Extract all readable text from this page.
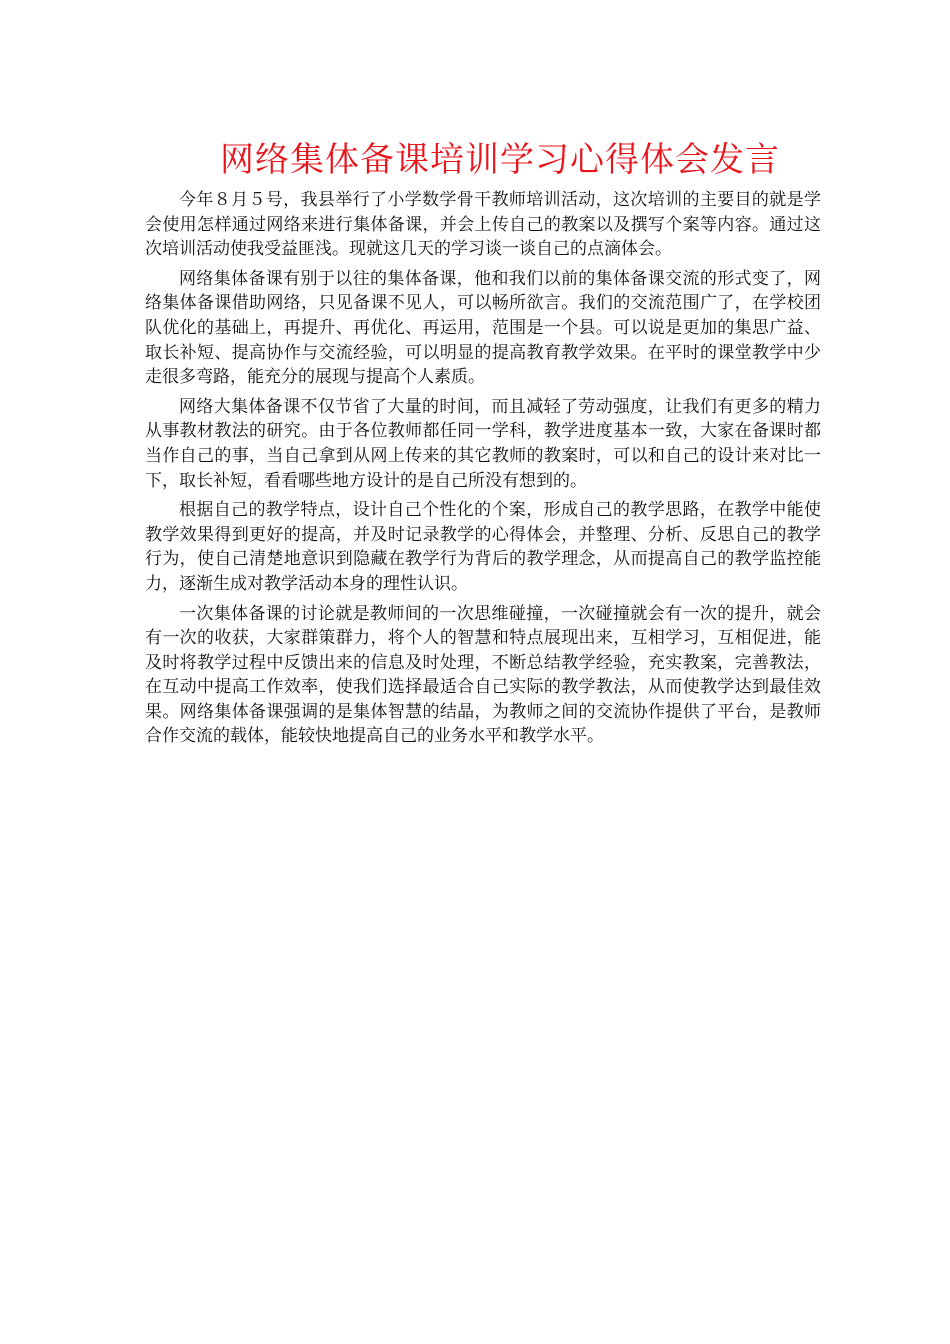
网络集体备课培训学习心得体会发言

今年８月５号，我县举行了小学数学骨干教师培训活动，这次培训的主要目的就是学会使用怎样通过网络来进行集体备课，并会上传自己的教案以及撰写个案等内容。通过这次培训活动使我受益匪浅。现就这几天的学习谈一谈自己的点滴体会。

网络集体备课有别于以往的集体备课，他和我们以前的集体备课交流的形式变了，网络集体备课借助网络，只见备课不见人，可以畅所欲言。我们的交流范围广了，在学校团队优化的基础上，再提升、再优化、再运用，范围是一个县。可以说是更加的集思广益、取长补短、提高协作与交流经验，可以明显的提高教育教学效果。在平时的课堂教学中少走很多弯路，能充分的展现与提高个人素质。

网络大集体备课不仅节省了大量的时间，而且减轻了劳动强度，让我们有更多的精力从事教材教法的研究。由于各位教师都任同一学科，教学进度基本一致，大家在备课时都当作自己的事，当自己拿到从网上传来的其它教师的教案时，可以和自己的设计来对比一下，取长补短，看看哪些地方设计的是自己所没有想到的。

根据自己的教学特点，设计自己个性化的个案，形成自己的教学思路，在教学中能使教学效果得到更好的提高，并及时记录教学的心得体会，并整理、分析、反思自己的教学行为，使自己清楚地意识到隐藏在教学行为背后的教学理念，从而提高自己的教学监控能力，逐渐生成对教学活动本身的理性认识。

一次集体备课的讨论就是教师间的一次思维碰撞，一次碰撞就会有一次的提升，就会有一次的收获，大家群策群力，将个人的智慧和特点展现出来，互相学习，互相促进，能及时将教学过程中反馈出来的信息及时处理，不断总结教学经验，充实教案，完善教法，在互动中提高工作效率，使我们选择最适合自己实际的教学教法，从而使教学达到最佳效果。网络集体备课强调的是集体智慧的结晶，为教师之间的交流协作提供了平台，是教师合作交流的载体，能较快地提高自己的业务水平和教学水平。
